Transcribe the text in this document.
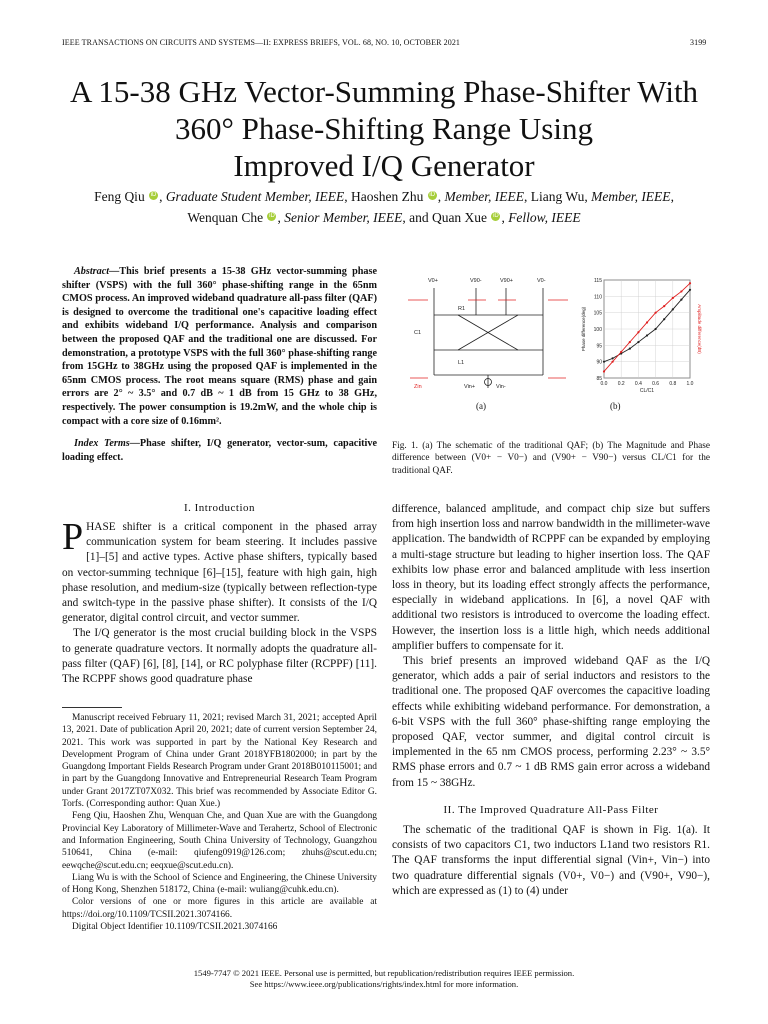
IEEE TRANSACTIONS ON CIRCUITS AND SYSTEMS—II: EXPRESS BRIEFS, VOL. 68, NO. 10, OCTOBER 2021	3199
A 15-38 GHz Vector-Summing Phase-Shifter With
360° Phase-Shifting Range Using
Improved I/Q Generator
Feng Qiu iD , Graduate Student Member, IEEE, Haoshen Zhu iD , Member, IEEE, Liang Wu, Member, IEEE,
Wenquan Che iD , Senior Member, IEEE, and Quan Xue iD , Fellow, IEEE

Abstract—This brief presents a 15-38 GHz vector-summing phase shifter (VSPS) with the full 360° phase-shifting range in the 65nm CMOS process. An improved wideband quadrature all-pass filter (QAF) is designed to overcome the traditional one's capacitive loading effect and exhibits wideband I/Q performance. Analysis and comparison between the proposed QAF and the traditional one are discussed. For demonstration, a prototype VSPS with the full 360° phase-shifting range from 15GHz to 38GHz using the proposed QAF is implemented in the 65nm CMOS process. The root means square (RMS) phase and gain errors are 2° ~ 3.5° and 0.7 dB ~ 1 dB from 15 GHz to 38 GHz, respectively. The power consumption is 19.2mW, and the whole chip is compact with a core size of 0.16mm².

Index Terms—Phase shifter, I/Q generator, vector-sum, capacitive loading effect.

I. Introduction

PHASE shifter is a critical component in the phased array communication system for beam steering. It includes passive [1]–[5] and active types. Active phase shifters, typically based on vector-summing technique [6]–[15], feature with high gain, high phase resolution, and medium-size (typically between reflection-type and switch-type in the passive phase shifter). It consists of the I/Q generator, digital control circuit, and vector summer.

The I/Q generator is the most crucial building block in the VSPS to generate quadrature vectors. It normally adopts the quadrature all-pass filter (QAF) [6], [8], [14], or RC polyphase filter (RCPPF) [11]. The RCPPF shows good quadrature phase

Manuscript received February 11, 2021; revised March 31, 2021; accepted April 13, 2021. Date of publication April 20, 2021; date of current version September 24, 2021. This work was supported in part by the National Key Research and Development Program of China under Grant 2018YFB1802000; in part by the Guangdong Important Fields Research Program under Grant 2018B010115001; and in part by the Guangdong Innovative and Entrepreneurial Research Team Program under Grant 2017ZT07X032. This brief was recommended by Associate Editor G. Torfs. (Corresponding author: Quan Xue.)

Feng Qiu, Haoshen Zhu, Wenquan Che, and Quan Xue are with the Guangdong Provincial Key Laboratory of Millimeter-Wave and Terahertz, School of Electronic and Information Engineering, South China University of Technology, Guangzhou 510641, China (e-mail: qiufeng0919@126.com; zhuhs@scut.edu.cn; eewqche@scut.edu.cn; eeqxue@scut.edu.cn).

Liang Wu is with the School of Science and Engineering, the Chinese University of Hong Kong, Shenzhen 518172, China (e-mail: wuliang@cuhk.edu.cn).

Color versions of one or more figures in this article are available at https://doi.org/10.1109/TCSII.2021.3074166.

Digital Object Identifier 10.1109/TCSII.2021.3074166

V0+	V90-	V90+	V0-
C1
R1
L1
Zin	Vin+	Vin-
(a)
85
90
95
100
105
110
115
0.0 0.2 0.4 0.6 0.8 1.0
CL/C1
Phase difference(deg)	Amplitude difference(dB)
(b)
Fig. 1. (a) The schematic of the traditional QAF; (b) The Magnitude and Phase difference between (V0+ − V0−) and (V90+ − V90−) versus CL/C1 for the traditional QAF.

difference, balanced amplitude, and compact chip size but suffers from high insertion loss and narrow bandwidth in the millimeter-wave application. The bandwidth of RCPPF can be expanded by employing a multi-stage structure but leading to higher insertion loss. The QAF exhibits low phase error and balanced amplitude with less insertion loss in theory, but its loading effect strongly affects the performance, especially in wideband applications. In [6], a novel QAF with additional two resistors is introduced to overcome the loading effect. However, the insertion loss is a little high, which needs additional amplifier buffers to compensate for it.

This brief presents an improved wideband QAF as the I/Q generator, which adds a pair of serial inductors and resistors to the traditional one. The proposed QAF overcomes the capacitive loading effects while exhibiting wideband performance. For demonstration, a 6-bit VSPS with the full 360° phase-shifting range employing the proposed QAF, vector summer, and digital control circuit is implemented in the 65 nm CMOS process, performing 2.23° ~ 3.5° RMS phase errors and 0.7 ~ 1 dB RMS gain error across a wideband from 15 ~ 38GHz.

II. The Improved Quadrature All-Pass Filter

The schematic of the traditional QAF is shown in Fig. 1(a). It consists of two capacitors C1, two inductors L1and two resistors R1. The QAF transforms the input differential signal (Vin+, Vin−) into two quadrature differential signals (V0+, V0−) and (V90+, V90−), which are expressed as (1) to (4) under

1549-7747 © 2021 IEEE. Personal use is permitted, but republication/redistribution requires IEEE permission.
See https://www.ieee.org/publications/rights/index.html for more information.
